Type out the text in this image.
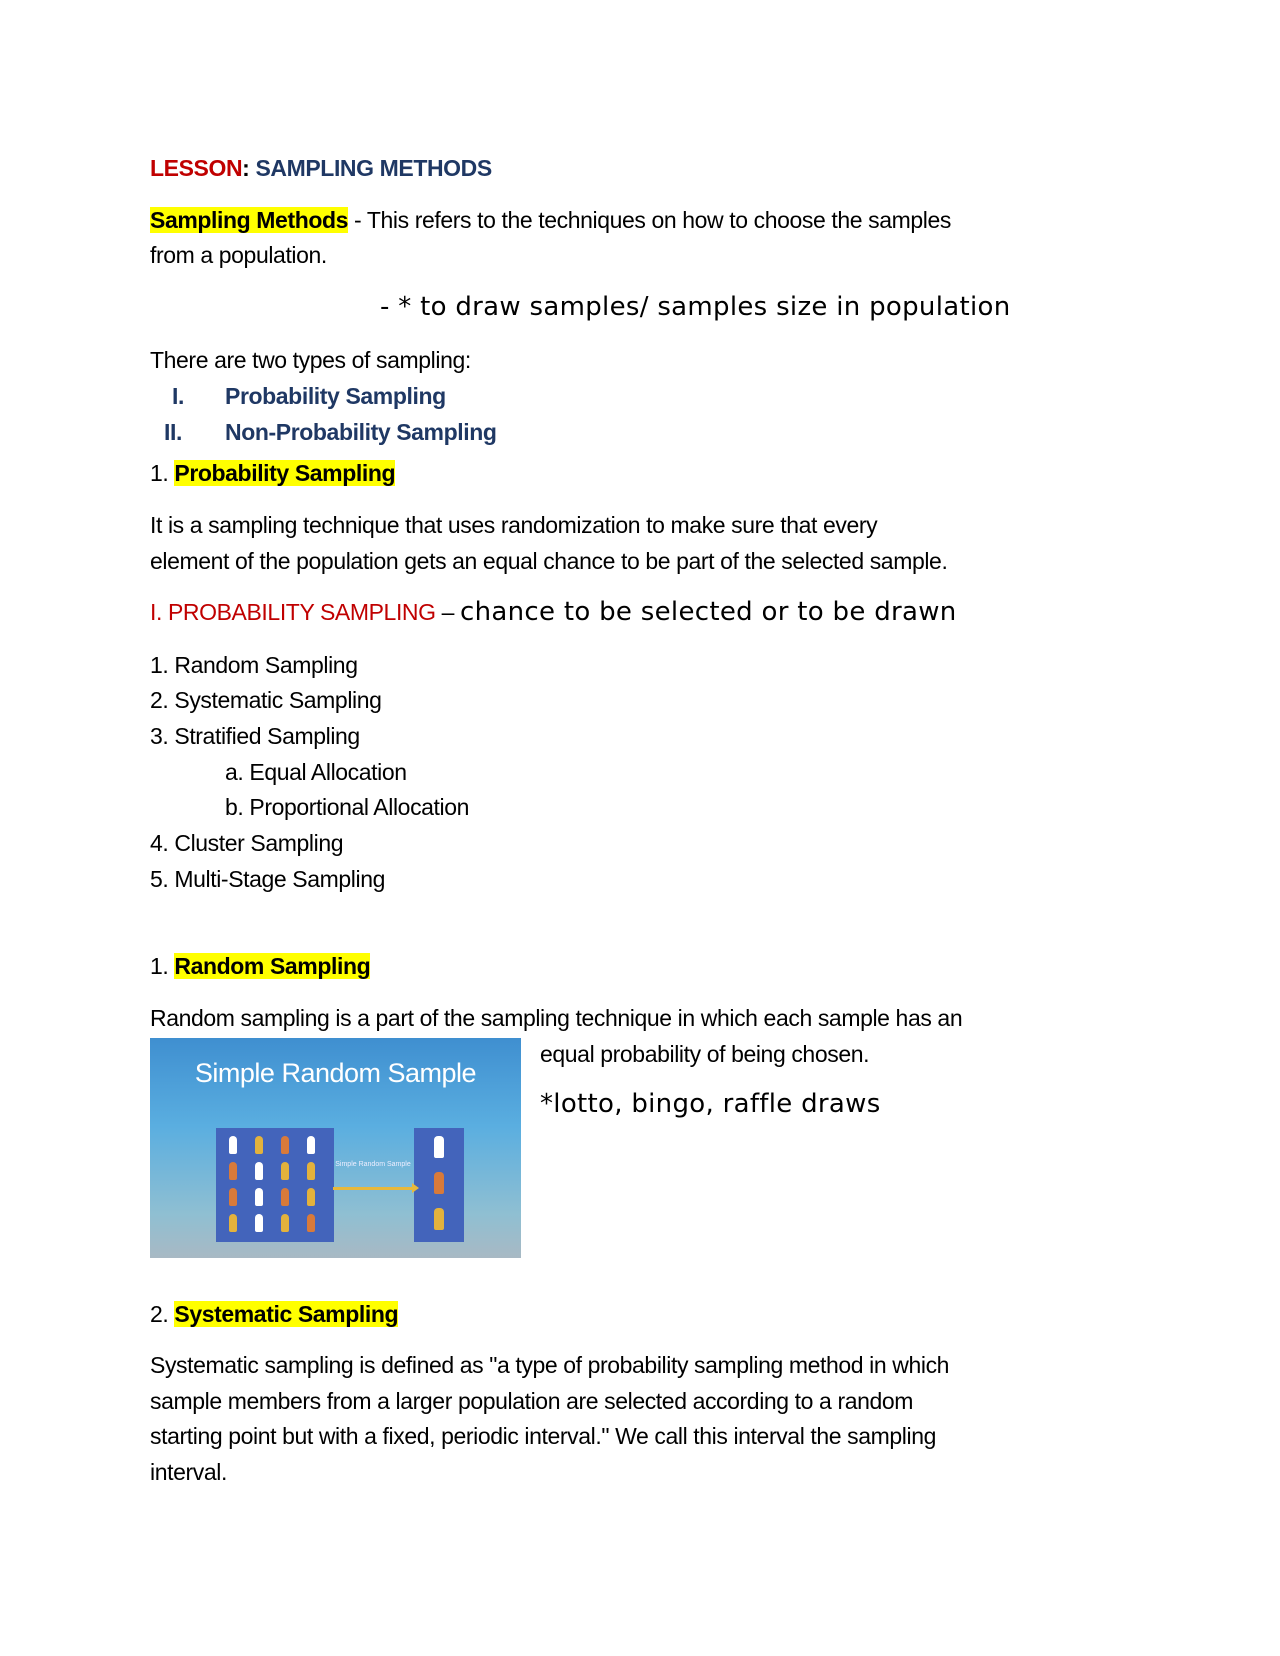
LESSON: SAMPLING METHODS
Sampling Methods - This refers to the techniques on how to choose the samples
from a population.
- * to draw samples/ samples size in population
There are two types of sampling:
I. Probability Sampling
II. Non-Probability Sampling
1. Probability Sampling
It is a sampling technique that uses randomization to make sure that every
element of the population gets an equal chance to be part of the selected sample.
I. PROBABILITY SAMPLING – chance to be selected or to be drawn
1. Random Sampling
2. Systematic Sampling
3. Stratified Sampling
a. Equal Allocation
b. Proportional Allocation
4. Cluster Sampling
5. Multi-Stage Sampling
1. Random Sampling
Random sampling is a part of the sampling technique in which each sample has an
equal probability of being chosen.
*lotto, bingo, raffle draws
Simple Random Sample
Simple Random Sample
2. Systematic Sampling
Systematic sampling is defined as "a type of probability sampling method in which
sample members from a larger population are selected according to a random
starting point but with a fixed, periodic interval." We call this interval the sampling
interval.
